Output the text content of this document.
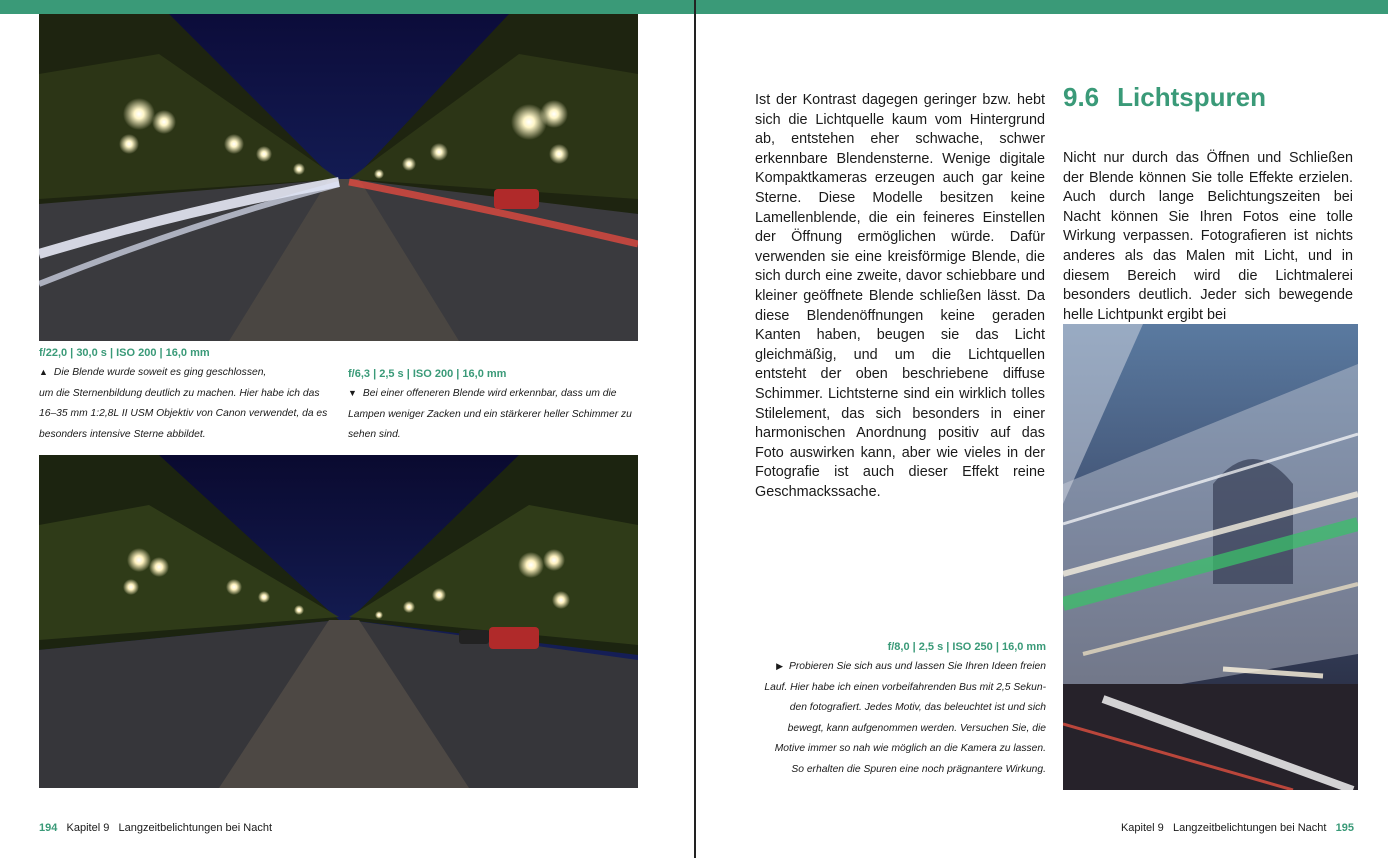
f/22,0 | 30,0 s | ISO 200 | 16,0 mm
▲ Die Blende wurde soweit es ging geschlossen,
um die Sternenbildung deutlich zu machen. Hier habe ich das
16–35 mm 1:2,8L II USM Objektiv von Canon verwendet, da es
besonders intensive Sterne abbildet.
f/6,3 | 2,5 s | ISO 200 | 16,0 mm
▼ Bei einer offeneren Blende wird erkennbar, dass um die
Lampen weniger Zacken und ein stärkerer heller Schimmer zu
sehen sind.
194 Kapitel 9 Langzeitbelichtungen bei Nacht
Ist der Kontrast dagegen geringer bzw. hebt sich die Lichtquelle kaum vom Hintergrund ab, entstehen eher schwache, schwer erkennbare Blendensterne. Wenige digitale Kompaktkameras erzeugen auch gar keine Sterne. Diese Modelle besitzen keine Lamellenblende, die ein feineres Einstellen der Öffnung ermöglichen würde. Dafür verwenden sie eine kreisförmige Blende, die sich durch eine zweite, davor schiebbare und kleiner geöffnete Blende schließen lässt. Da diese Blendenöffnungen keine geraden Kanten haben, beugen sie das Licht gleichmäßig, und um die Lichtquellen entsteht der oben beschriebene diffuse Schimmer. Lichtsterne sind ein wirklich tolles Stilelement, das sich besonders in einer harmonischen Anordnung positiv auf das Foto auswirken kann, aber wie vieles in der Fotografie ist auch dieser Effekt reine Geschmackssache.
9.6 Lichtspuren
Nicht nur durch das Öffnen und Schließen der Blende können Sie tolle Effekte erzielen. Auch durch lange Belichtungszeiten bei Nacht können Sie Ihren Fotos eine tolle Wirkung verpassen. Fotografieren ist nichts anderes als das Malen mit Licht, und in diesem Bereich wird die Lichtmalerei besonders deutlich. Jeder sich bewegende helle Lichtpunkt ergibt bei
f/8,0 | 2,5 s | ISO 250 | 16,0 mm
▶ Probieren Sie sich aus und lassen Sie Ihren Ideen freien
Lauf. Hier habe ich einen vorbeifahrenden Bus mit 2,5 Sekun-
den fotografiert. Jedes Motiv, das beleuchtet ist und sich
bewegt, kann aufgenommen werden. Versuchen Sie, die
Motive immer so nah wie möglich an die Kamera zu lassen.
So erhalten die Spuren eine noch prägnantere Wirkung.
Kapitel 9 Langzeitbelichtungen bei Nacht 195
